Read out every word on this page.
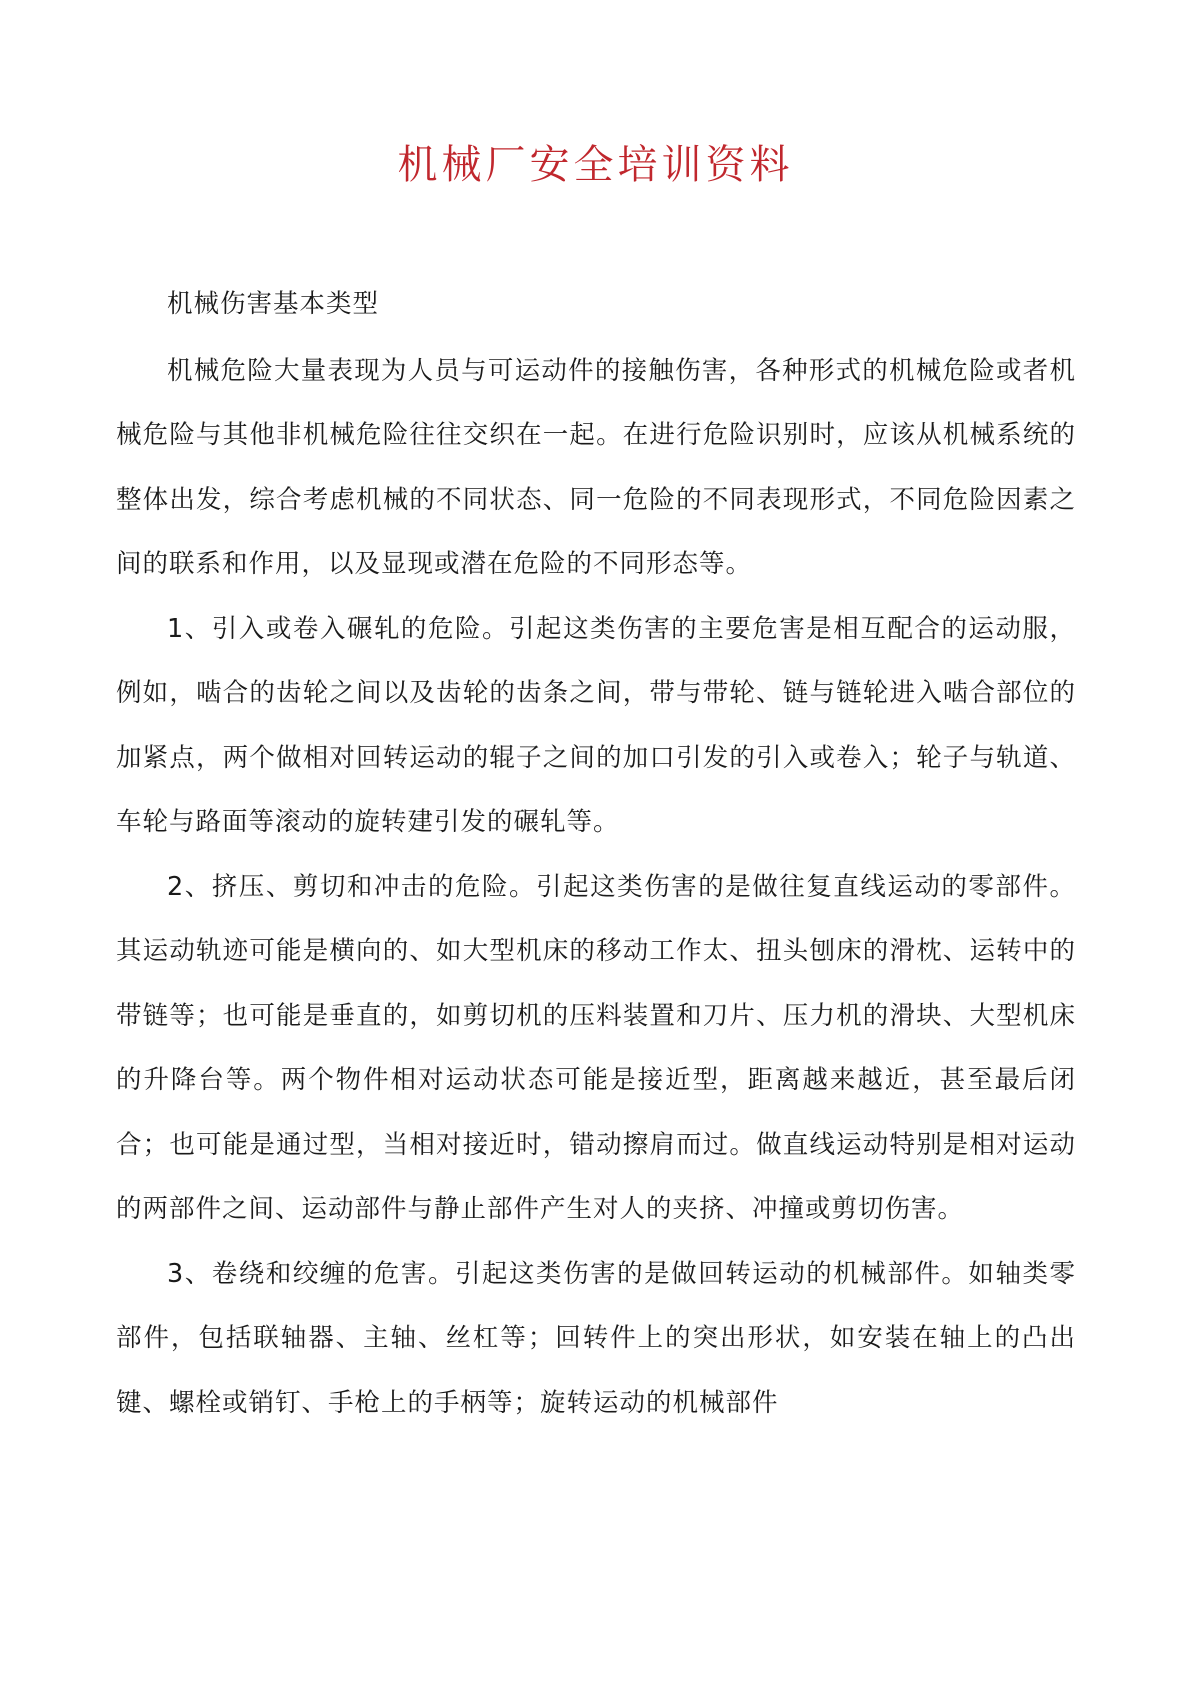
机械厂安全培训资料

机械伤害基本类型

机械危险大量表现为人员与可运动件的接触伤害，各种形式的机械危险或者机械危险与其他非机械危险往往交织在一起。在进行危险识别时，应该从机械系统的整体出发，综合考虑机械的不同状态、同一危险的不同表现形式，不同危险因素之间的联系和作用，以及显现或潜在危险的不同形态等。

1、引入或卷入碾轧的危险。引起这类伤害的主要危害是相互配合的运动服，例如，啮合的齿轮之间以及齿轮的齿条之间，带与带轮、链与链轮进入啮合部位的加紧点，两个做相对回转运动的辊子之间的加口引发的引入或卷入；轮子与轨道、车轮与路面等滚动的旋转建引发的碾轧等。

2、挤压、剪切和冲击的危险。引起这类伤害的是做往复直线运动的零部件。其运动轨迹可能是横向的、如大型机床的移动工作太、扭头刨床的滑枕、运转中的带链等；也可能是垂直的，如剪切机的压料装置和刀片、压力机的滑块、大型机床的升降台等。两个物件相对运动状态可能是接近型，距离越来越近，甚至最后闭合；也可能是通过型，当相对接近时，错动擦肩而过。做直线运动特别是相对运动的两部件之间、运动部件与静止部件产生对人的夹挤、冲撞或剪切伤害。

3、卷绕和绞缠的危害。引起这类伤害的是做回转运动的机械部件。如轴类零部件，包括联轴器、主轴、丝杠等；回转件上的突出形状，如安装在轴上的凸出键、螺栓或销钉、手枪上的手柄等；旋转运动的机械部件
